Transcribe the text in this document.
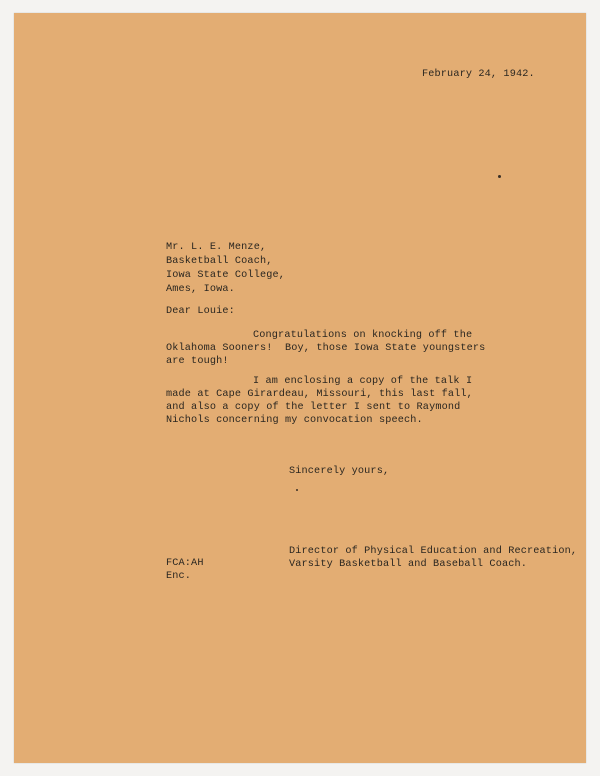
February 24, 1942.
Mr. L. E. Menze,
Basketball Coach,
Iowa State College,
Ames, Iowa.
Dear Louie:
Congratulations on knocking off the
Oklahoma Sooners!  Boy, those Iowa State youngsters
are tough!
I am enclosing a copy of the talk I
made at Cape Girardeau, Missouri, this last fall,
and also a copy of the letter I sent to Raymond
Nichols concerning my convocation speech.
Sincerely yours,
Director of Physical Education and Recreation,
Varsity Basketball and Baseball Coach.
FCA:AH
Enc.
